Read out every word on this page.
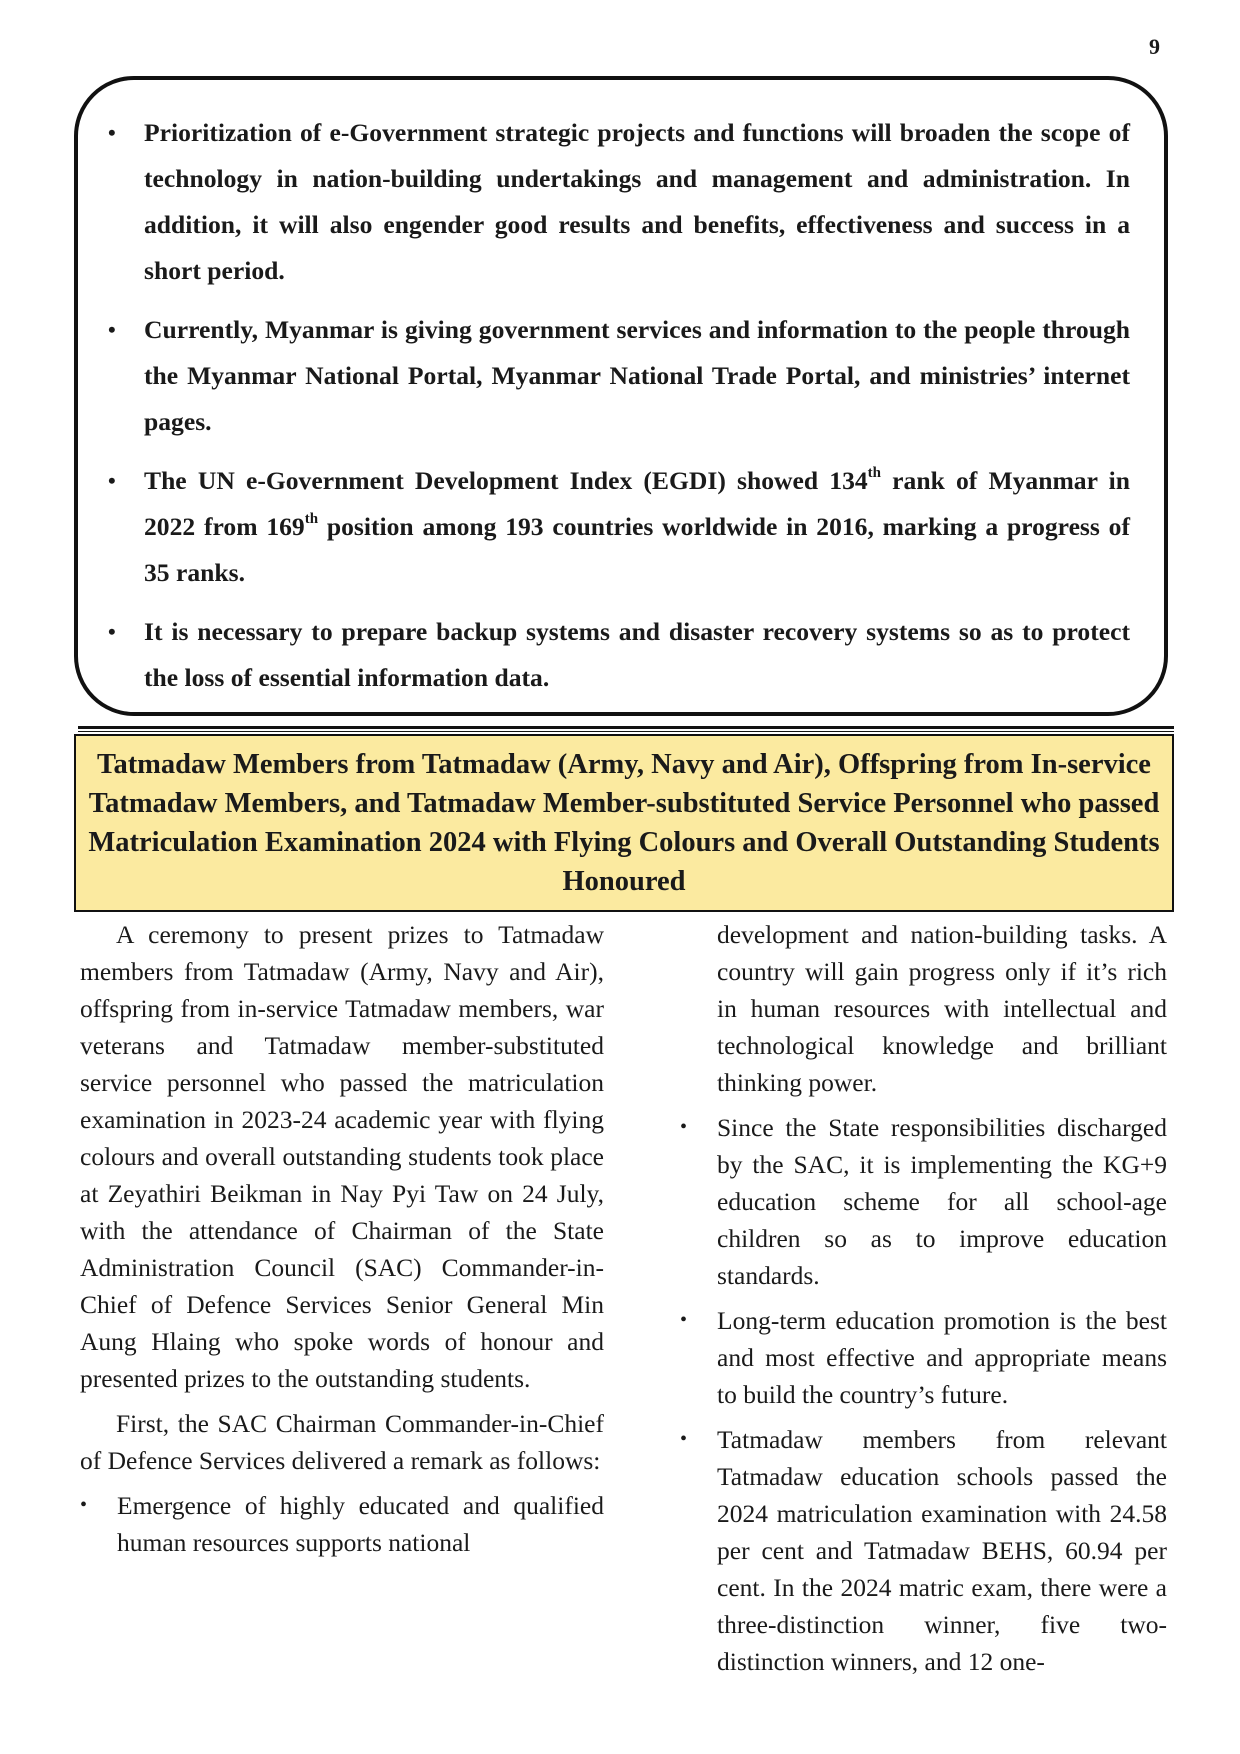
9
• Prioritization of e-Government strategic projects and functions will broaden the scope of technology in nation-building undertakings and management and administration. In addition, it will also engender good results and benefits, effectiveness and success in a short period.
• Currently, Myanmar is giving government services and information to the people through the Myanmar National Portal, Myanmar National Trade Portal, and ministries’ internet pages.
• The UN e-Government Development Index (EGDI) showed 134th rank of Myanmar in 2022 from 169th position among 193 countries worldwide in 2016, marking a progress of 35 ranks.
• It is necessary to prepare backup systems and disaster recovery systems so as to protect the loss of essential information data.

Tatmadaw Members from Tatmadaw (Army, Navy and Air), Offspring from In-service Tatmadaw Members, and Tatmadaw Member-substituted Service Personnel who passed Matriculation Examination 2024 with Flying Colours and Overall Outstanding Students Honoured

A ceremony to present prizes to Tatmadaw members from Tatmadaw (Army, Navy and Air), offspring from in-service Tatmadaw members, war veterans and Tatmadaw member-substituted service personnel who passed the matriculation examination in 2023-24 academic year with flying colours and overall outstanding students took place at Zeyathiri Beikman in Nay Pyi Taw on 24 July, with the attendance of Chairman of the State Administration Council (SAC) Commander-in-Chief of Defence Services Senior General Min Aung Hlaing who spoke words of honour and presented prizes to the outstanding students.

First, the SAC Chairman Commander-in-Chief of Defence Services delivered a remark as follows:

• Emergence of highly educated and qualified human resources supports national

development and nation-building tasks. A country will gain progress only if it’s rich in human resources with intellectual and technological knowledge and brilliant thinking power.

• Since the State responsibilities discharged by the SAC, it is implementing the KG+9 education scheme for all school-age children so as to improve education standards.
• Long-term education promotion is the best and most effective and appropriate means to build the country’s future.
• Tatmadaw members from relevant Tatmadaw education schools passed the 2024 matriculation examination with 24.58 per cent and Tatmadaw BEHS, 60.94 per cent. In the 2024 matric exam, there were a three-distinction winner, five two-distinction winners, and 12 one-
